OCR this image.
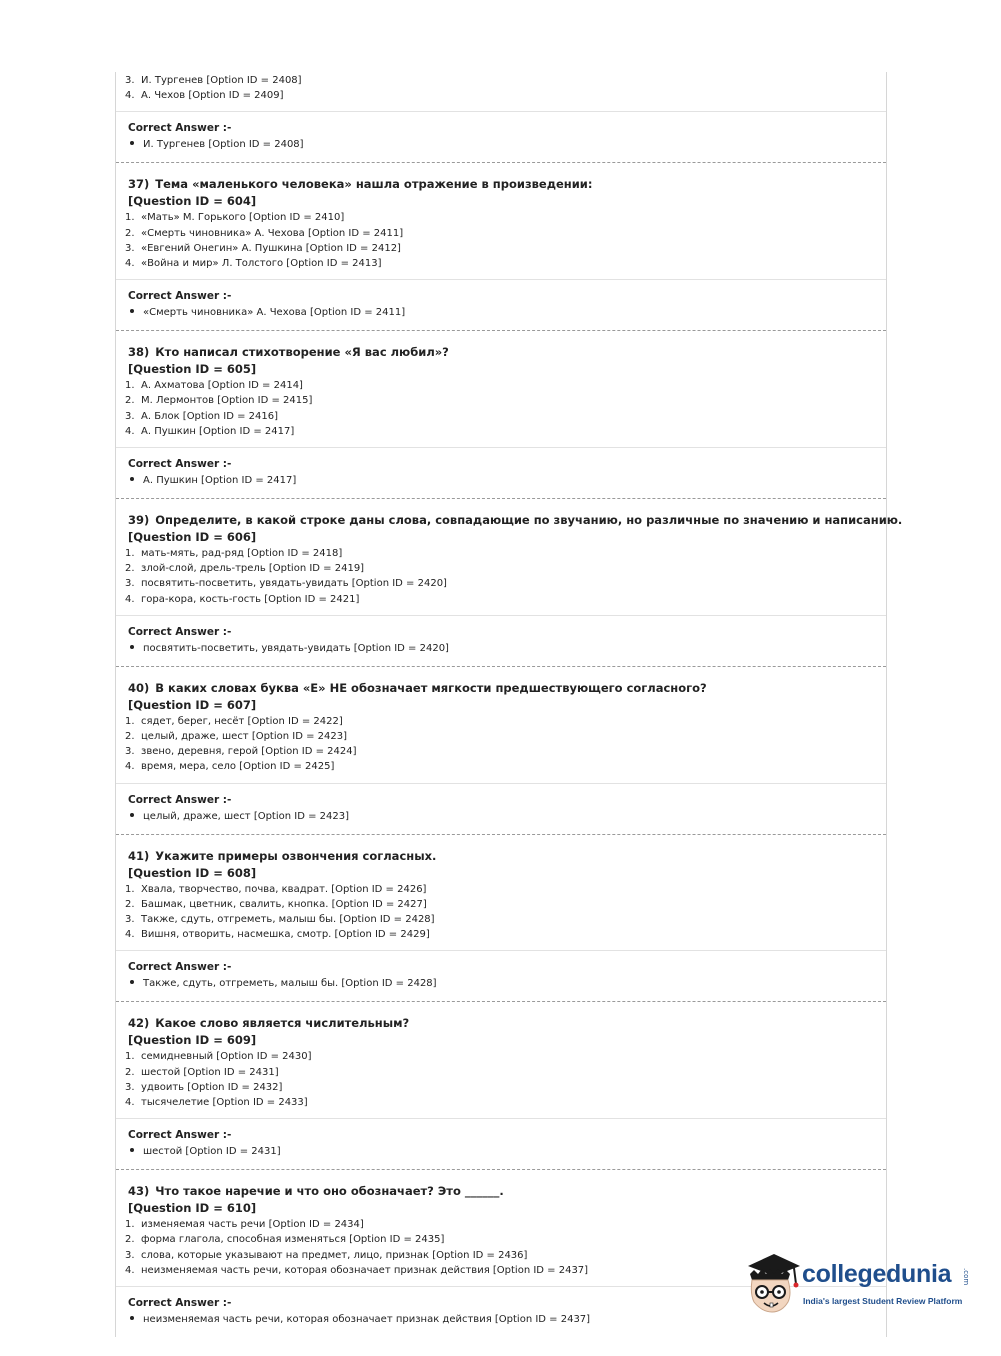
3. И. Тургенев [Option ID = 2408]
4. А. Чехов [Option ID = 2409]
Correct Answer :-
И. Тургенев [Option ID = 2408]
37) Тема «маленького человека» нашла отражение в произведении:
[Question ID = 604]
1. «Мать» М. Горького [Option ID = 2410]
2. «Смерть чиновника» А. Чехова [Option ID = 2411]
3. «Евгений Онегин» А. Пушкина [Option ID = 2412]
4. «Война и мир» Л. Толстого [Option ID = 2413]
Correct Answer :-
«Смерть чиновника» А. Чехова [Option ID = 2411]
38) Кто написал стихотворение «Я вас любил»?
[Question ID = 605]
1. А. Ахматова [Option ID = 2414]
2. М. Лермонтов [Option ID = 2415]
3. А. Блок [Option ID = 2416]
4. А. Пушкин [Option ID = 2417]
Correct Answer :-
А. Пушкин [Option ID = 2417]
39) Определите, в какой строке даны слова, совпадающие по звучанию, но различные по значению и написанию.
[Question ID = 606]
1. мать-мять, рад-ряд [Option ID = 2418]
2. злой-слой, дрель-трель [Option ID = 2419]
3. посвятить-посветить, увядать-увидать [Option ID = 2420]
4. гора-кора, кость-гость [Option ID = 2421]
Correct Answer :-
посвятить-посветить, увядать-увидать [Option ID = 2420]
40) В каких словах буква «Е» НЕ обозначает мягкости предшествующего согласного?
[Question ID = 607]
1. сядет, берег, несёт [Option ID = 2422]
2. целый, драже, шест [Option ID = 2423]
3. звено, деревня, герой [Option ID = 2424]
4. время, мера, село [Option ID = 2425]
Correct Answer :-
целый, драже, шест [Option ID = 2423]
41) Укажите примеры озвончения согласных.
[Question ID = 608]
1. Хвала, творчество, почва, квадрат. [Option ID = 2426]
2. Башмак, цветник, свалить, кнопка. [Option ID = 2427]
3. Также, сдуть, отгреметь, малыш бы. [Option ID = 2428]
4. Вишня, отворить, насмешка, смотр. [Option ID = 2429]
Correct Answer :-
Также, сдуть, отгреметь, малыш бы. [Option ID = 2428]
42) Какое слово является числительным?
[Question ID = 609]
1. семидневный [Option ID = 2430]
2. шестой [Option ID = 2431]
3. удвоить [Option ID = 2432]
4. тысячелетие [Option ID = 2433]
Correct Answer :-
шестой [Option ID = 2431]
43) Что такое наречие и что оно обозначает? Это ______.
[Question ID = 610]
1. изменяемая часть речи [Option ID = 2434]
2. форма глагола, способная изменяться [Option ID = 2435]
3. слова, которые указывают на предмет, лицо, признак [Option ID = 2436]
4. неизменяемая часть речи, которая обозначает признак действия [Option ID = 2437]
Correct Answer :-
неизменяемая часть речи, которая обозначает признак действия [Option ID = 2437]
collegedunia .com
India's largest Student Review Platform
